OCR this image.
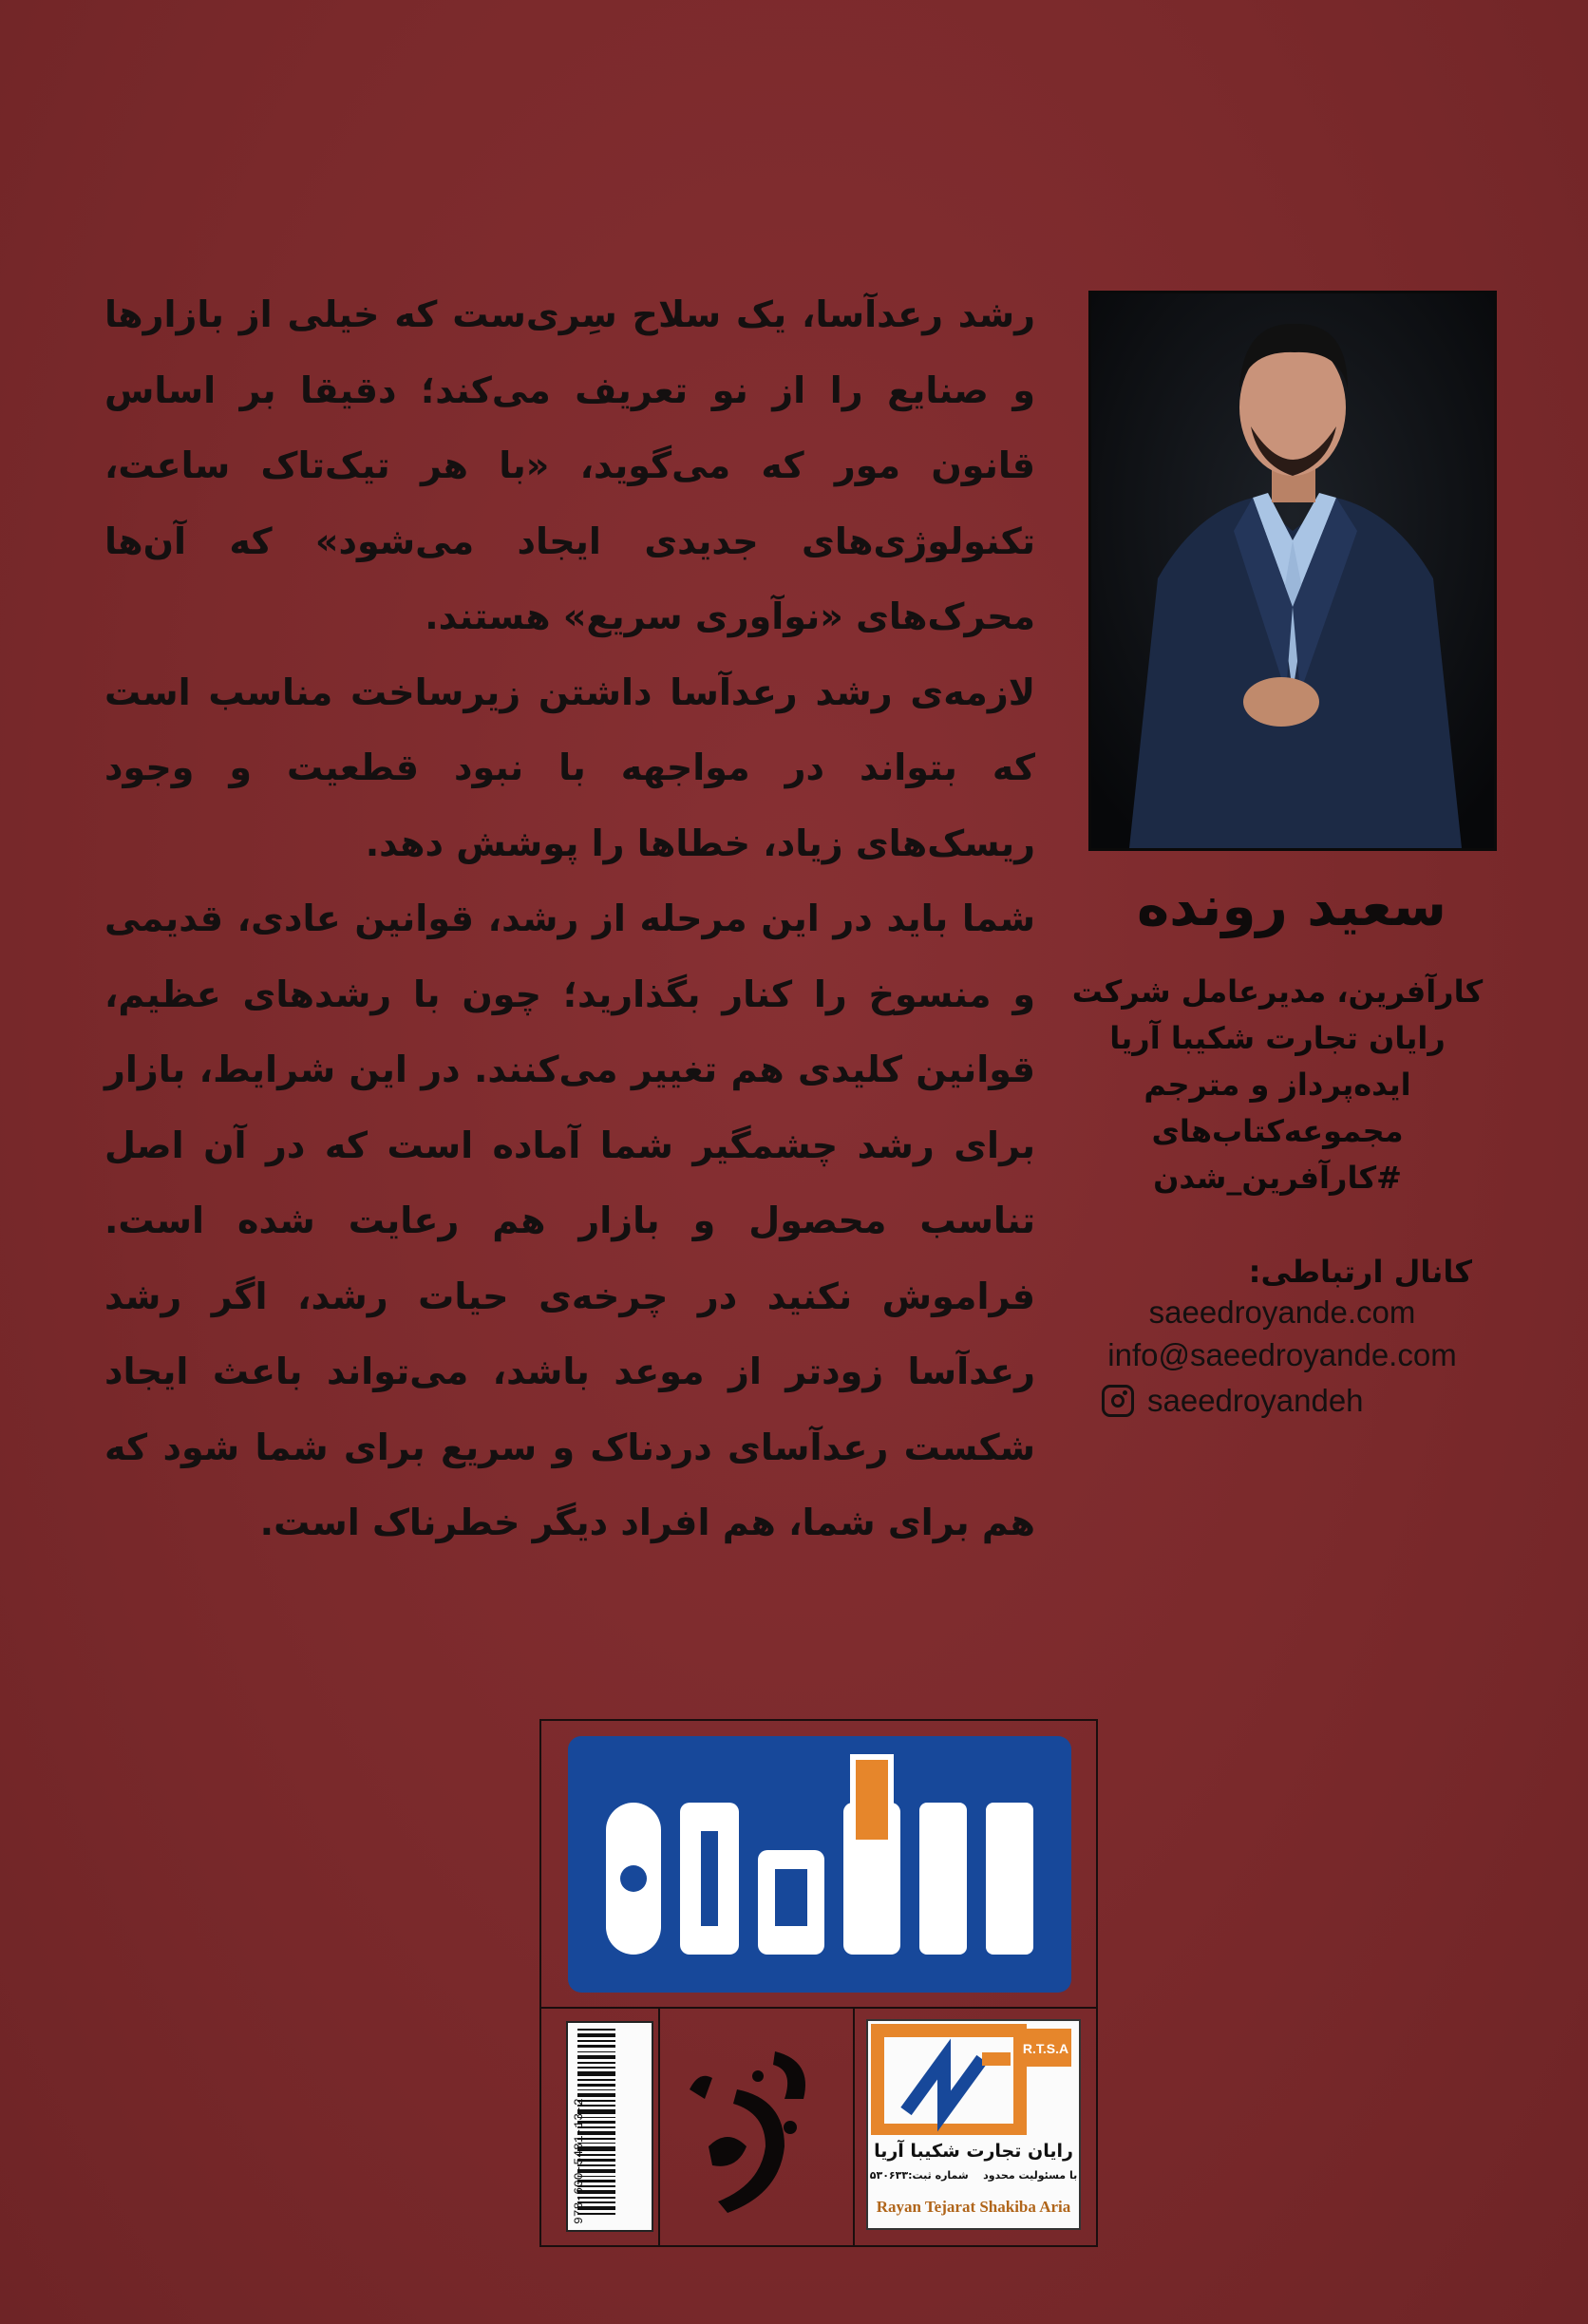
رشد رعدآسا، یک سلاح سِری‌ست که خیلی از بازارها و صنایع را از نو تعریف می‌کند؛ دقیقا بر اساس قانون مور که می‌گوید، «با هر تیک‌تاک ساعت، تکنولوژی‌های جدیدی ایجاد می‌شود» که آن‌ها محرک‌های «نوآوری سریع» هستند.

لازمه‌ی رشد رعدآسا داشتن زیرساخت مناسب است که بتواند در مواجهه با نبود قطعیت و وجود ریسک‌های زیاد، خطاها را پوشش دهد.

شما باید در این مرحله از رشد، قوانین عادی، قدیمی و منسوخ را کنار بگذارید؛ چون با رشدهای عظیم، قوانین کلیدی هم تغییر می‌کنند. در این شرایط، بازار برای رشد چشمگیر شما آماده است که در آن اصل تناسب محصول و بازار هم رعایت شده است. فراموش نکنید در چرخه‌ی حیات رشد، اگر رشد رعدآسا زودتر از موعد باشد، می‌تواند باعث ایجاد شکست رعدآسای دردناک و سریع برای شما شود که هم برای شما، هم افراد دیگر خطرناک است.

سعید رونده
کارآفرین، مدیرعامل شرکت
رایان تجارت شکیبا آریا
ایده‌پرداز و مترجم
مجموعه‌کتاب‌های
#کارآفرین_شدن
کانال ارتباطی:
saeedroyande.com
info@saeedroyande.com
saeedroyandeh
978-600-5481-13-2
R.T.S.A
رایان تجارت شکیبا آریا
با مسئولیت محدود    شماره ثبت:۵۳۰۶۳۳
Rayan Tejarat Shakiba Aria
